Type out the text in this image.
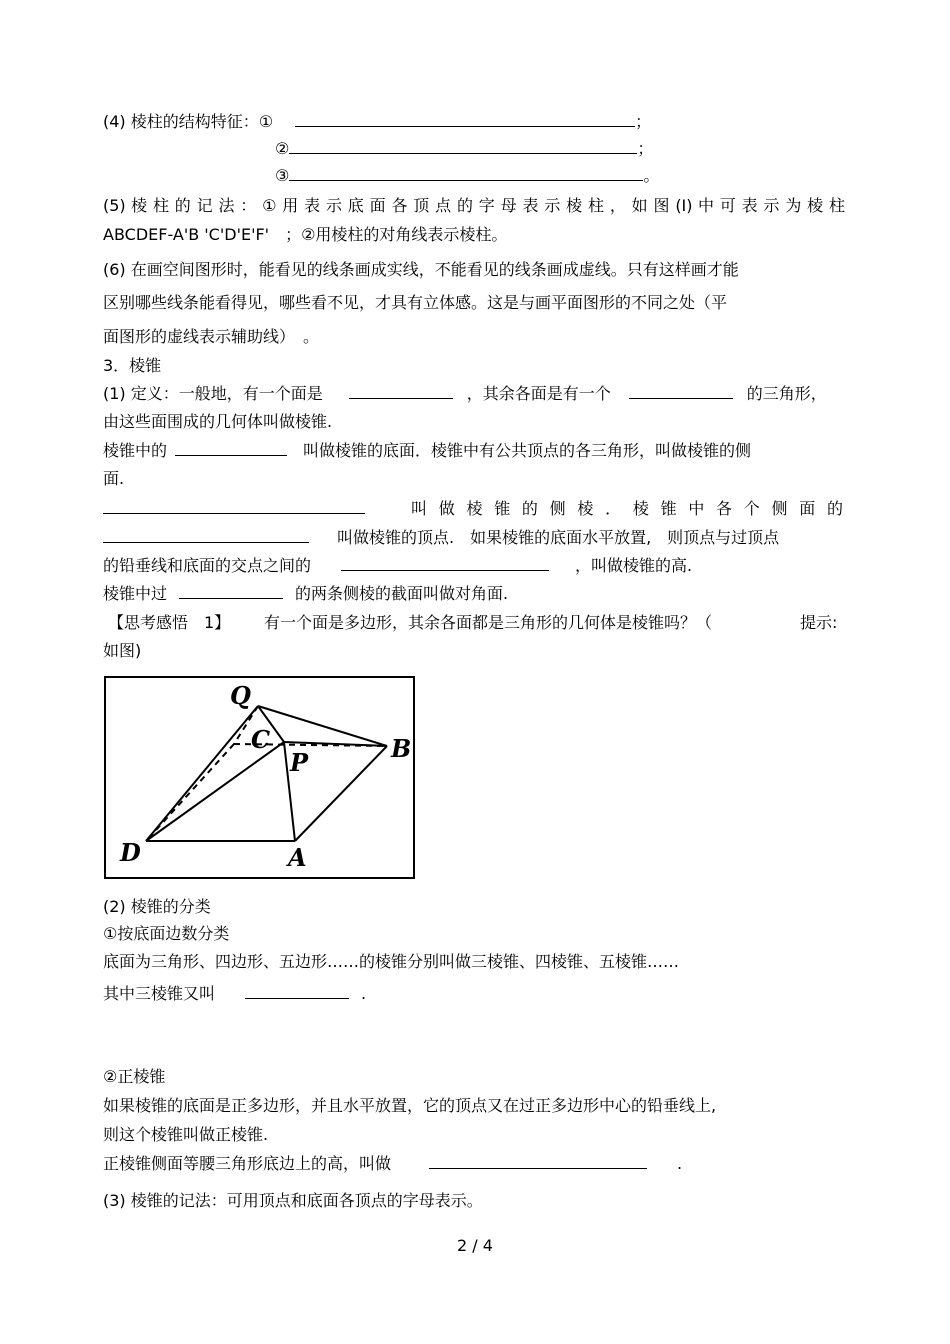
(4) 棱柱的结构特征：①	；
②	；
③	。
(5) 棱 柱 的 记 法 ： ① 用 表 示 底 面 各 顶 点 的 字 母 表 示 棱 柱 ， 如 图 (I) 中 可 表 示 为 棱 柱
ABCDEF-A'B 'C'D'E'F'　；②用棱柱的对角线表示棱柱。
(6) 在画空间图形时，能看见的线条画成实线，不能看见的线条画成虚线。只有这样画才能
区别哪些线条能看得见，哪些看不见，才具有立体感。这是与画平面图形的不同之处（平
面图形的虚线表示辅助线）　。
3．棱锥
(1) 定义：一般地，有一个面是	，其余各面是有一个	的三角形，
由这些面围成的几何体叫做棱锥.
棱锥中的	叫做棱锥的底面．棱锥中有公共顶点的各三角形，叫做棱锥的侧
面.
叫 做 棱 锥 的 侧 棱 ． 棱 锥 中 各 个 侧 面 的
叫做棱锥的顶点.　如果棱锥的底面水平放置,　则顶点与过顶点
的铅垂线和底面的交点之间的	，叫做棱锥的高.
棱锥中过	的两条侧棱的截面叫做对角面.
【思考感悟　1】 有一个面是多边形，其余各面都是三角形的几何体是棱锥吗？（	提示:
如图)
Q
C
P	B
D	A
(2) 棱锥的分类
①按底面边数分类
底面为三角形、四边形、五边形……的棱锥分别叫做三棱锥、四棱锥、五棱锥……
其中三棱锥又叫	.
②正棱锥
如果棱锥的底面是正多边形，并且水平放置，它的顶点又在过正多边形中心的铅垂线上,
则这个棱锥叫做正棱锥.
正棱锥侧面等腰三角形底边上的高，叫做	.
(3) 棱锥的记法：可用顶点和底面各顶点的字母表示。
2 / 4
